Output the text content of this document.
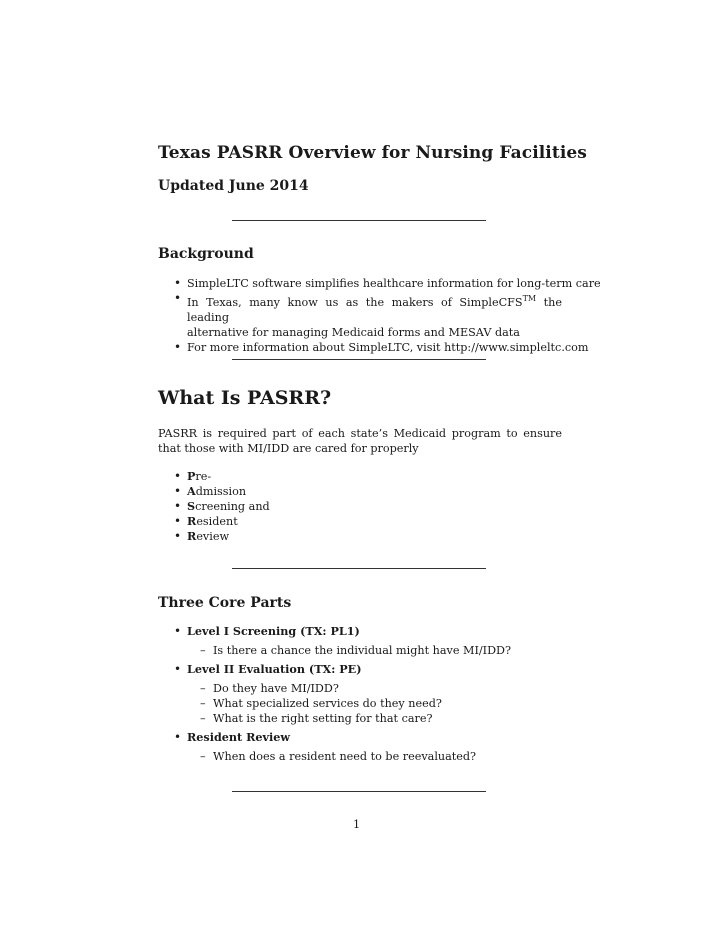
Texas PASRR Overview for Nursing Facilities
Updated June 2014
Background
• SimpleLTC software simplifies healthcare information for long-term care
• In Texas, many know us as the makers of SimpleCFS™ the leading
alternative for managing Medicaid forms and MESAV data
• For more information about SimpleLTC, visit http://www.simpleltc.com
What Is PASRR?
PASRR is required part of each state’s Medicaid program to ensure that those with MI/IDD are cared for properly
• Pre-
• Admission
• Screening and
• Resident
• Review
Three Core Parts
• Level I Screening (TX: PL1)
– Is there a chance the individual might have MI/IDD?
• Level II Evaluation (TX: PE)
– Do they have MI/IDD?
– What specialized services do they need?
– What is the right setting for that care?
• Resident Review
– When does a resident need to be reevaluated?
1
